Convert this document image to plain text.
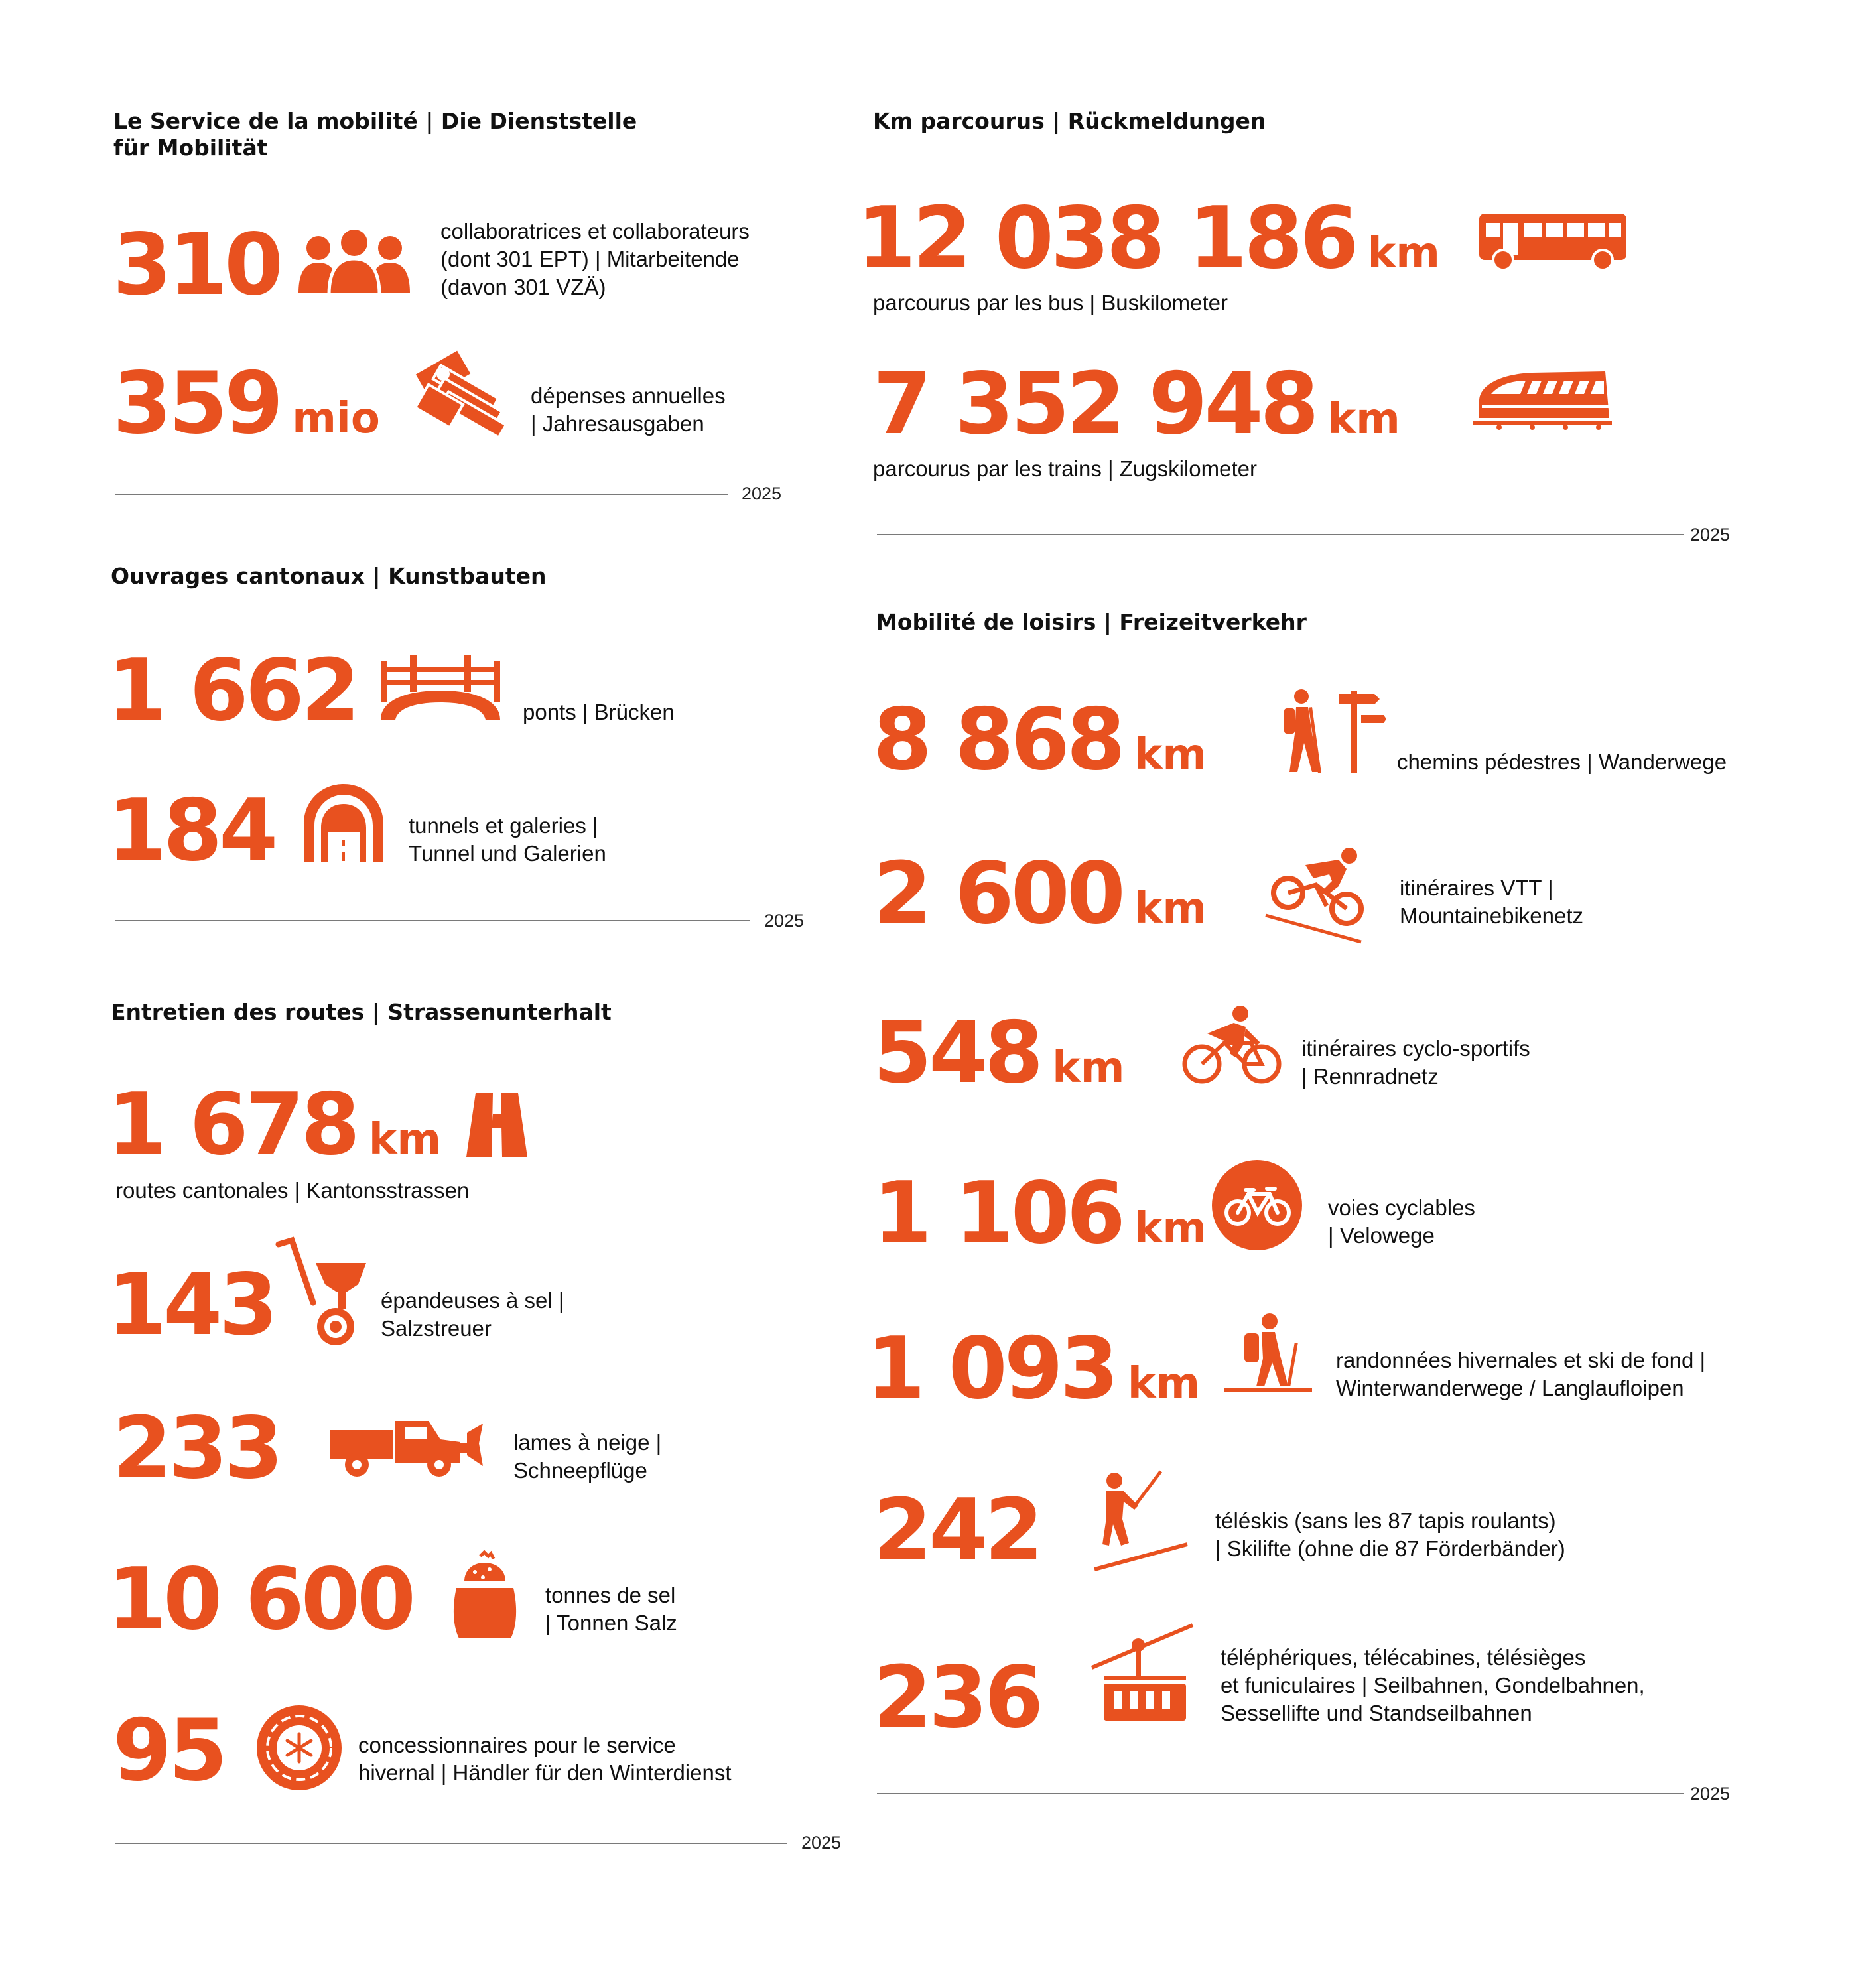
Le Service de la mobilité | Die Dienststelle
für Mobilität
310	collaboratrices et collaborateurs
(dont 301 EPT) | Mitarbeitende
(davon 301 VZÄ)
359 mio	dépenses annuelles
| Jahresausgaben
2025
Ouvrages cantonaux | Kunstbauten
1 662	ponts | Brücken
184	tunnels et galeries |
Tunnel und Galerien
2025
Entretien des routes | Strassenunterhalt
1 678 km
routes cantonales | Kantonsstrassen
143	épandeuses à sel |
Salzstreuer
233	lames à neige |
Schneepflüge
10 600	tonnes de sel
| Tonnen Salz
95	concessionnaires pour le service
hivernal | Händler für den Winterdienst
2025
Km parcourus | Rückmeldungen
12 038 186 km
parcourus par les bus | Buskilometer
7 352 948 km
parcourus par les trains | Zugskilometer
2025
Mobilité de loisirs | Freizeitverkehr
8 868 km	chemins pédestres | Wanderwege
2 600 km	itinéraires VTT |
Mountainebikenetz
548 km	itinéraires cyclo-sportifs
| Rennradnetz
1 106 km	voies cyclables
| Velowege
1 093 km	randonnées hivernales et ski de fond |
Winterwanderwege / Langlaufloipen
242	téléskis (sans les 87 tapis roulants)
| Skilifte (ohne die 87 Förderbänder)
236	téléphériques, télécabines, télésièges
et funiculaires | Seilbahnen, Gondelbahnen,
Sessellifte und Standseilbahnen
2025
